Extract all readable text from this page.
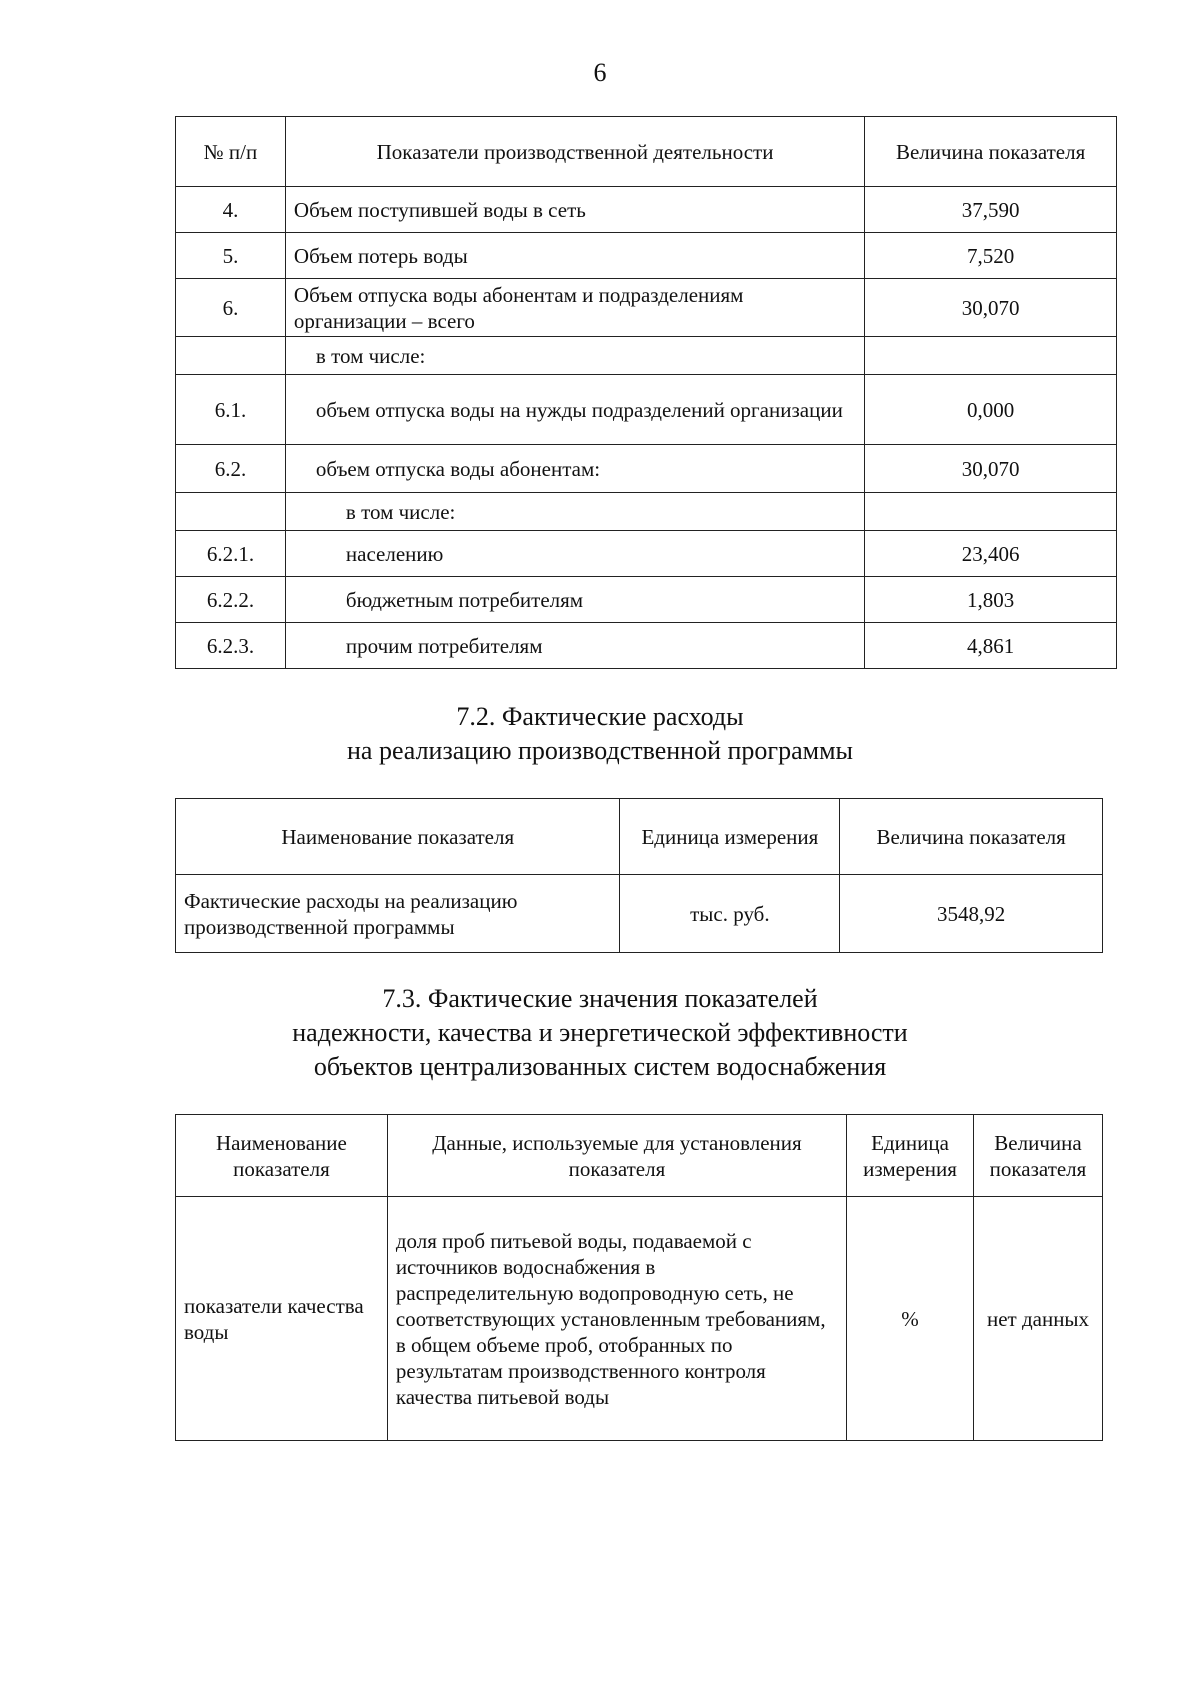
6
№ п/п	Показатели производственной деятельности	Величина показателя
4.	Объем поступившей воды в сеть	37,590
5.	Объем потерь воды	7,520
6.	Объем отпуска воды абонентам и подразделениям организации – всего	30,070
	в том числе:	
6.1.	объем отпуска воды на нужды подразделений организации	0,000
6.2.	объем отпуска воды абонентам:	30,070
	в том числе:	
6.2.1.	населению	23,406
6.2.2.	бюджетным потребителям	1,803
6.2.3.	прочим потребителям	4,861
7.2. Фактические расходы
на реализацию производственной программы
Наименование показателя	Единица измерения	Величина показателя
Фактические расходы на реализацию производственной программы	тыс. руб.	3548,92
7.3. Фактические значения показателей
надежности, качества и энергетической эффективности
объектов централизованных систем водоснабжения
Наименование показателя	Данные, используемые для установления показателя	Единица измерения	Величина показателя
показатели качества воды	доля проб питьевой воды, подаваемой с источников водоснабжения в распределительную водопроводную сеть, не соответствующих установленным требованиям, в общем объеме проб, отобранных по результатам производственного контроля качества питьевой воды	%	нет данных
